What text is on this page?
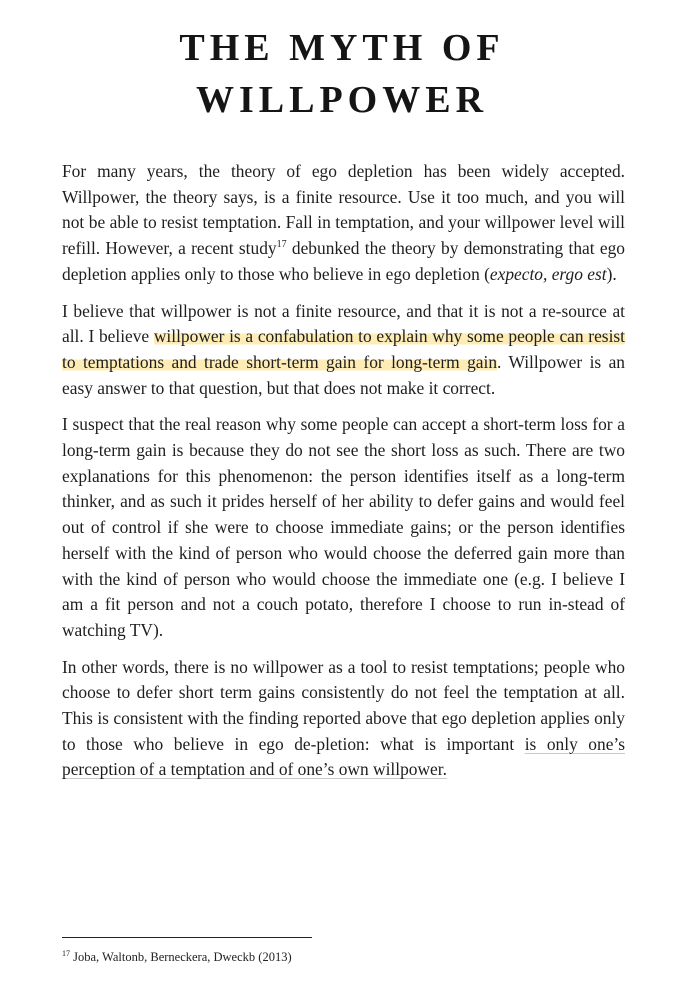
THE MYTH OF
WILLPOWER

For many years, the theory of ego depletion has been widely accepted. Willpower, the theory says, is a finite resource. Use it too much, and you will not be able to resist temptation. Fall in temptation, and your willpower level will refill. However, a recent study$^{17}$ debunked the theory by demonstrating that ego depletion applies only to those who believe in ego depletion (expecto, ergo est).

I believe that willpower is not a finite resource, and that it is not a re-source at all. I believe willpower is a confabulation to explain why some people can resist to temptations and trade short-term gain for long-term gain. Willpower is an easy answer to that question, but that does not make it correct.

I suspect that the real reason why some people can accept a short-term loss for a long-term gain is because they do not see the short loss as such. There are two explanations for this phenomenon: the person identifies itself as a long-term thinker, and as such it prides herself of her ability to defer gains and would feel out of control if she were to choose immediate gains; or the person identifies herself with the kind of person who would choose the deferred gain more than with the kind of person who would choose the immediate one (e.g. I believe I am a fit person and not a couch potato, therefore I choose to run in-stead of watching TV).

In other words, there is no willpower as a tool to resist temptations; people who choose to defer short term gains consistently do not feel the temptation at all. This is consistent with the finding reported above that ego depletion applies only to those who believe in ego de-pletion: what is important is only one’s perception of a temptation and of one’s own willpower.

$^{17}$ Joba, Waltonb, Berneckera, Dweckb (2013)
